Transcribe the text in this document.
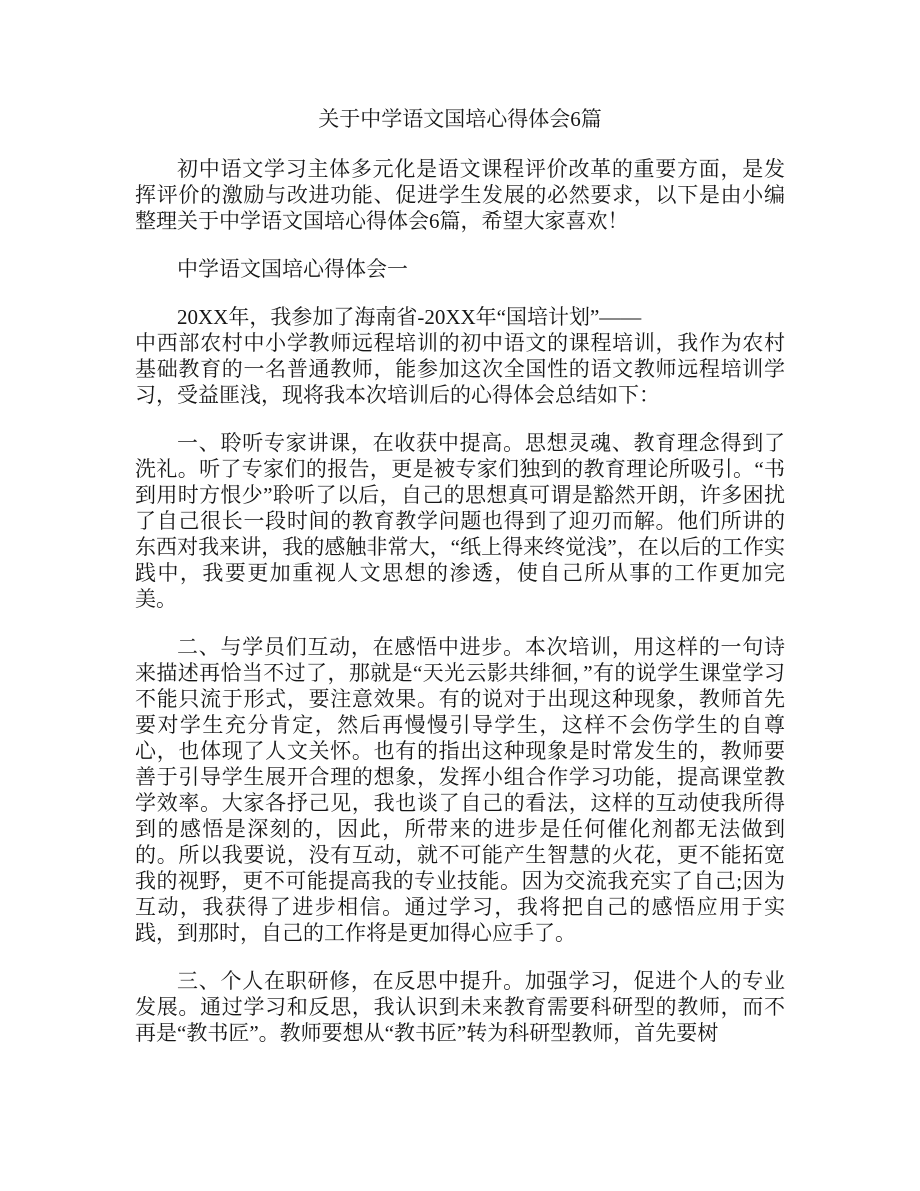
关于中学语文国培心得体会6篇

初中语文学习主体多元化是语文课程评价改革的重要方面，是发挥评价的激励与改进功能、促进学生发展的必然要求，以下是由小编整理关于中学语文国培心得体会6篇，希望大家喜欢！

中学语文国培心得体会一

20XX年，我参加了海南省-20XX年“国培计划”——
中西部农村中小学教师远程培训的初中语文的课程培训，我作为农村基础教育的一名普通教师，能参加这次全国性的语文教师远程培训学习，受益匪浅，现将我本次培训后的心得体会总结如下：

一、聆听专家讲课，在收获中提高。思想灵魂、教育理念得到了洗礼。听了专家们的报告，更是被专家们独到的教育理论所吸引。“书到用时方恨少”聆听了以后，自己的思想真可谓是豁然开朗，许多困扰了自己很长一段时间的教育教学问题也得到了迎刃而解。他们所讲的东西对我来讲，我的感触非常大，“纸上得来终觉浅”，在以后的工作实践中，我要更加重视人文思想的渗透，使自己所从事的工作更加完美。

二、与学员们互动，在感悟中进步。本次培训，用这样的一句诗来描述再恰当不过了，那就是“天光云影共绯徊，”有的说学生课堂学习不能只流于形式，要注意效果。有的说对于出现这种现象，教师首先要对学生充分肯定，然后再慢慢引导学生，这样不会伤学生的自尊心，也体现了人文关怀。也有的指出这种现象是时常发生的，教师要善于引导学生展开合理的想象，发挥小组合作学习功能，提高课堂教学效率。大家各抒己见，我也谈了自己的看法，这样的互动使我所得到的感悟是深刻的，因此，所带来的进步是任何催化剂都无法做到的。所以我要说，没有互动，就不可能产生智慧的火花，更不能拓宽我的视野，更不可能提高我的专业技能。因为交流我充实了自己;因为互动，我获得了进步相信。通过学习，我将把自己的感悟应用于实践，到那时，自己的工作将是更加得心应手了。

三、个人在职研修，在反思中提升。加强学习，促进个人的专业发展。通过学习和反思，我认识到未来教育需要科研型的教师，而不再是“教书匠”。教师要想从“教书匠”转为科研型教师，首先要树
